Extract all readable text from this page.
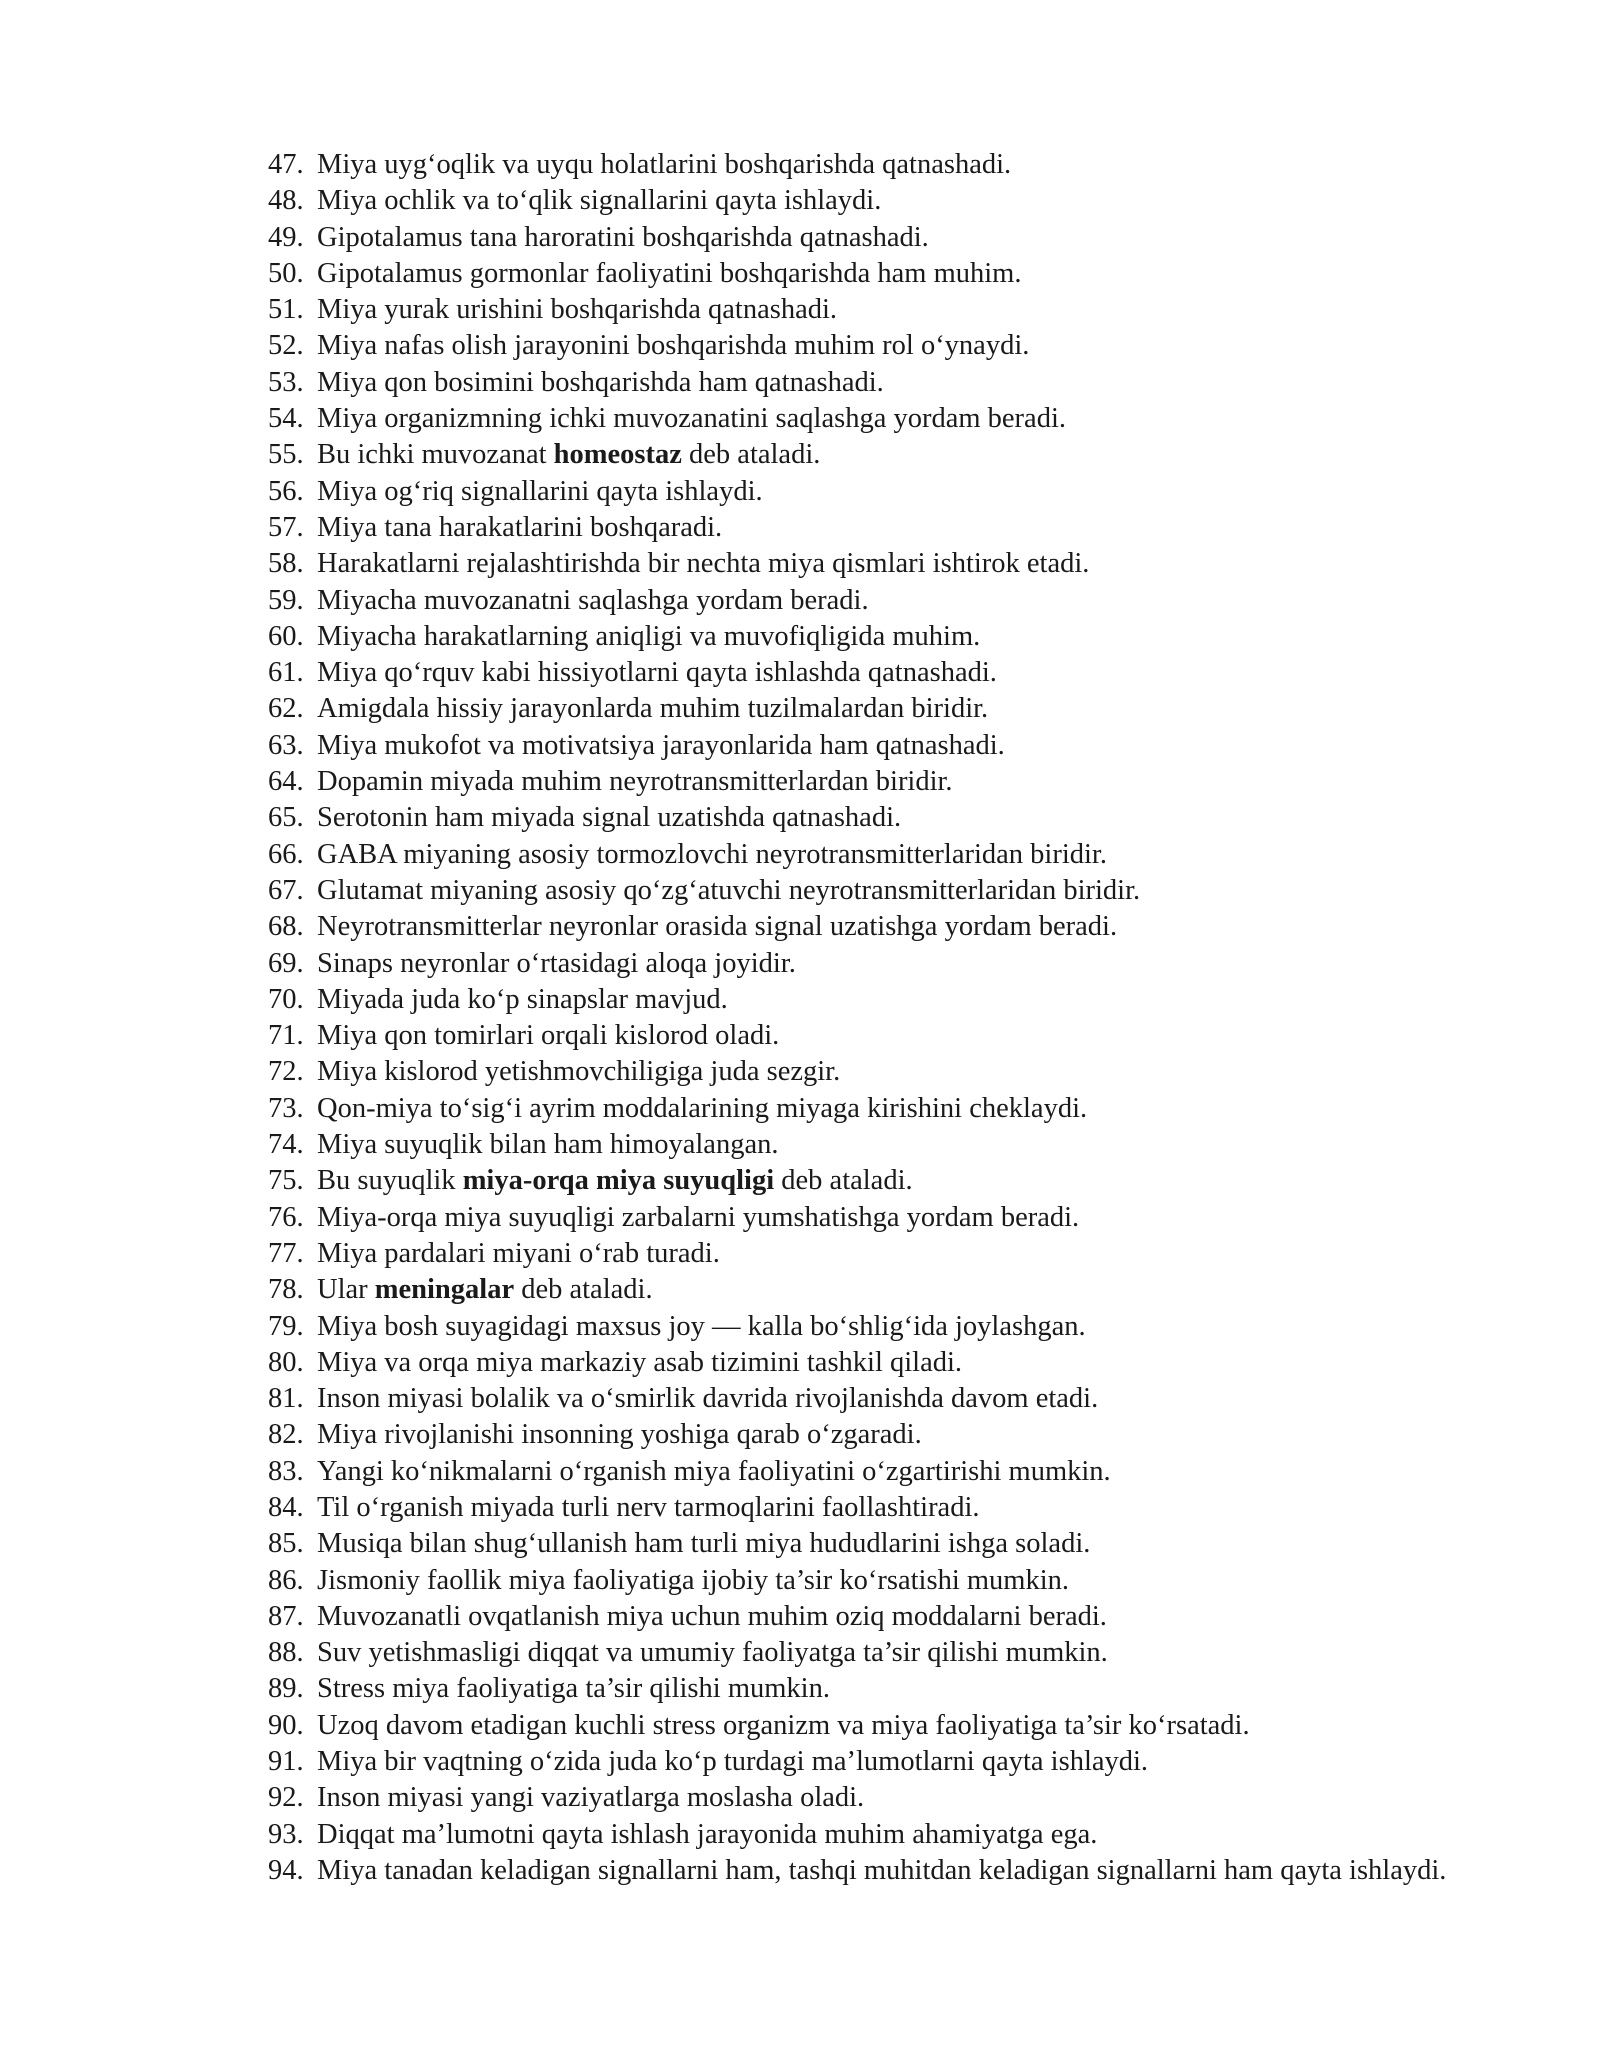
47. Miya uyg‘oqlik va uyqu holatlarini boshqarishda qatnashadi.
48. Miya ochlik va to‘qlik signallarini qayta ishlaydi.
49. Gipotalamus tana haroratini boshqarishda qatnashadi.
50. Gipotalamus gormonlar faoliyatini boshqarishda ham muhim.
51. Miya yurak urishini boshqarishda qatnashadi.
52. Miya nafas olish jarayonini boshqarishda muhim rol o‘ynaydi.
53. Miya qon bosimini boshqarishda ham qatnashadi.
54. Miya organizmning ichki muvozanatini saqlashga yordam beradi.
55. Bu ichki muvozanat homeostaz deb ataladi.
56. Miya og‘riq signallarini qayta ishlaydi.
57. Miya tana harakatlarini boshqaradi.
58. Harakatlarni rejalashtirishda bir nechta miya qismlari ishtirok etadi.
59. Miyacha muvozanatni saqlashga yordam beradi.
60. Miyacha harakatlarning aniqligi va muvofiqligida muhim.
61. Miya qo‘rquv kabi hissiyotlarni qayta ishlashda qatnashadi.
62. Amigdala hissiy jarayonlarda muhim tuzilmalardan biridir.
63. Miya mukofot va motivatsiya jarayonlarida ham qatnashadi.
64. Dopamin miyada muhim neyrotransmitterlardan biridir.
65. Serotonin ham miyada signal uzatishda qatnashadi.
66. GABA miyaning asosiy tormozlovchi neyrotransmitterlaridan biridir.
67. Glutamat miyaning asosiy qo‘zg‘atuvchi neyrotransmitterlaridan biridir.
68. Neyrotransmitterlar neyronlar orasida signal uzatishga yordam beradi.
69. Sinaps neyronlar o‘rtasidagi aloqa joyidir.
70. Miyada juda ko‘p sinapslar mavjud.
71. Miya qon tomirlari orqali kislorod oladi.
72. Miya kislorod yetishmovchiligiga juda sezgir.
73. Qon-miya to‘sig‘i ayrim moddalarining miyaga kirishini cheklaydi.
74. Miya suyuqlik bilan ham himoyalangan.
75. Bu suyuqlik miya-orqa miya suyuqligi deb ataladi.
76. Miya-orqa miya suyuqligi zarbalarni yumshatishga yordam beradi.
77. Miya pardalari miyani o‘rab turadi.
78. Ular meningalar deb ataladi.
79. Miya bosh suyagidagi maxsus joy — kalla bo‘shlig‘ida joylashgan.
80. Miya va orqa miya markaziy asab tizimini tashkil qiladi.
81. Inson miyasi bolalik va o‘smirlik davrida rivojlanishda davom etadi.
82. Miya rivojlanishi insonning yoshiga qarab o‘zgaradi.
83. Yangi ko‘nikmalarni o‘rganish miya faoliyatini o‘zgartirishi mumkin.
84. Til o‘rganish miyada turli nerv tarmoqlarini faollashtiradi.
85. Musiqa bilan shug‘ullanish ham turli miya hududlarini ishga soladi.
86. Jismoniy faollik miya faoliyatiga ijobiy ta’sir ko‘rsatishi mumkin.
87. Muvozanatli ovqatlanish miya uchun muhim oziq moddalarni beradi.
88. Suv yetishmasligi diqqat va umumiy faoliyatga ta’sir qilishi mumkin.
89. Stress miya faoliyatiga ta’sir qilishi mumkin.
90. Uzoq davom etadigan kuchli stress organizm va miya faoliyatiga ta’sir ko‘rsatadi.
91. Miya bir vaqtning o‘zida juda ko‘p turdagi ma’lumotlarni qayta ishlaydi.
92. Inson miyasi yangi vaziyatlarga moslasha oladi.
93. Diqqat ma’lumotni qayta ishlash jarayonida muhim ahamiyatga ega.
94. Miya tanadan keladigan signallarni ham, tashqi muhitdan keladigan signallarni ham qayta ishlaydi.
